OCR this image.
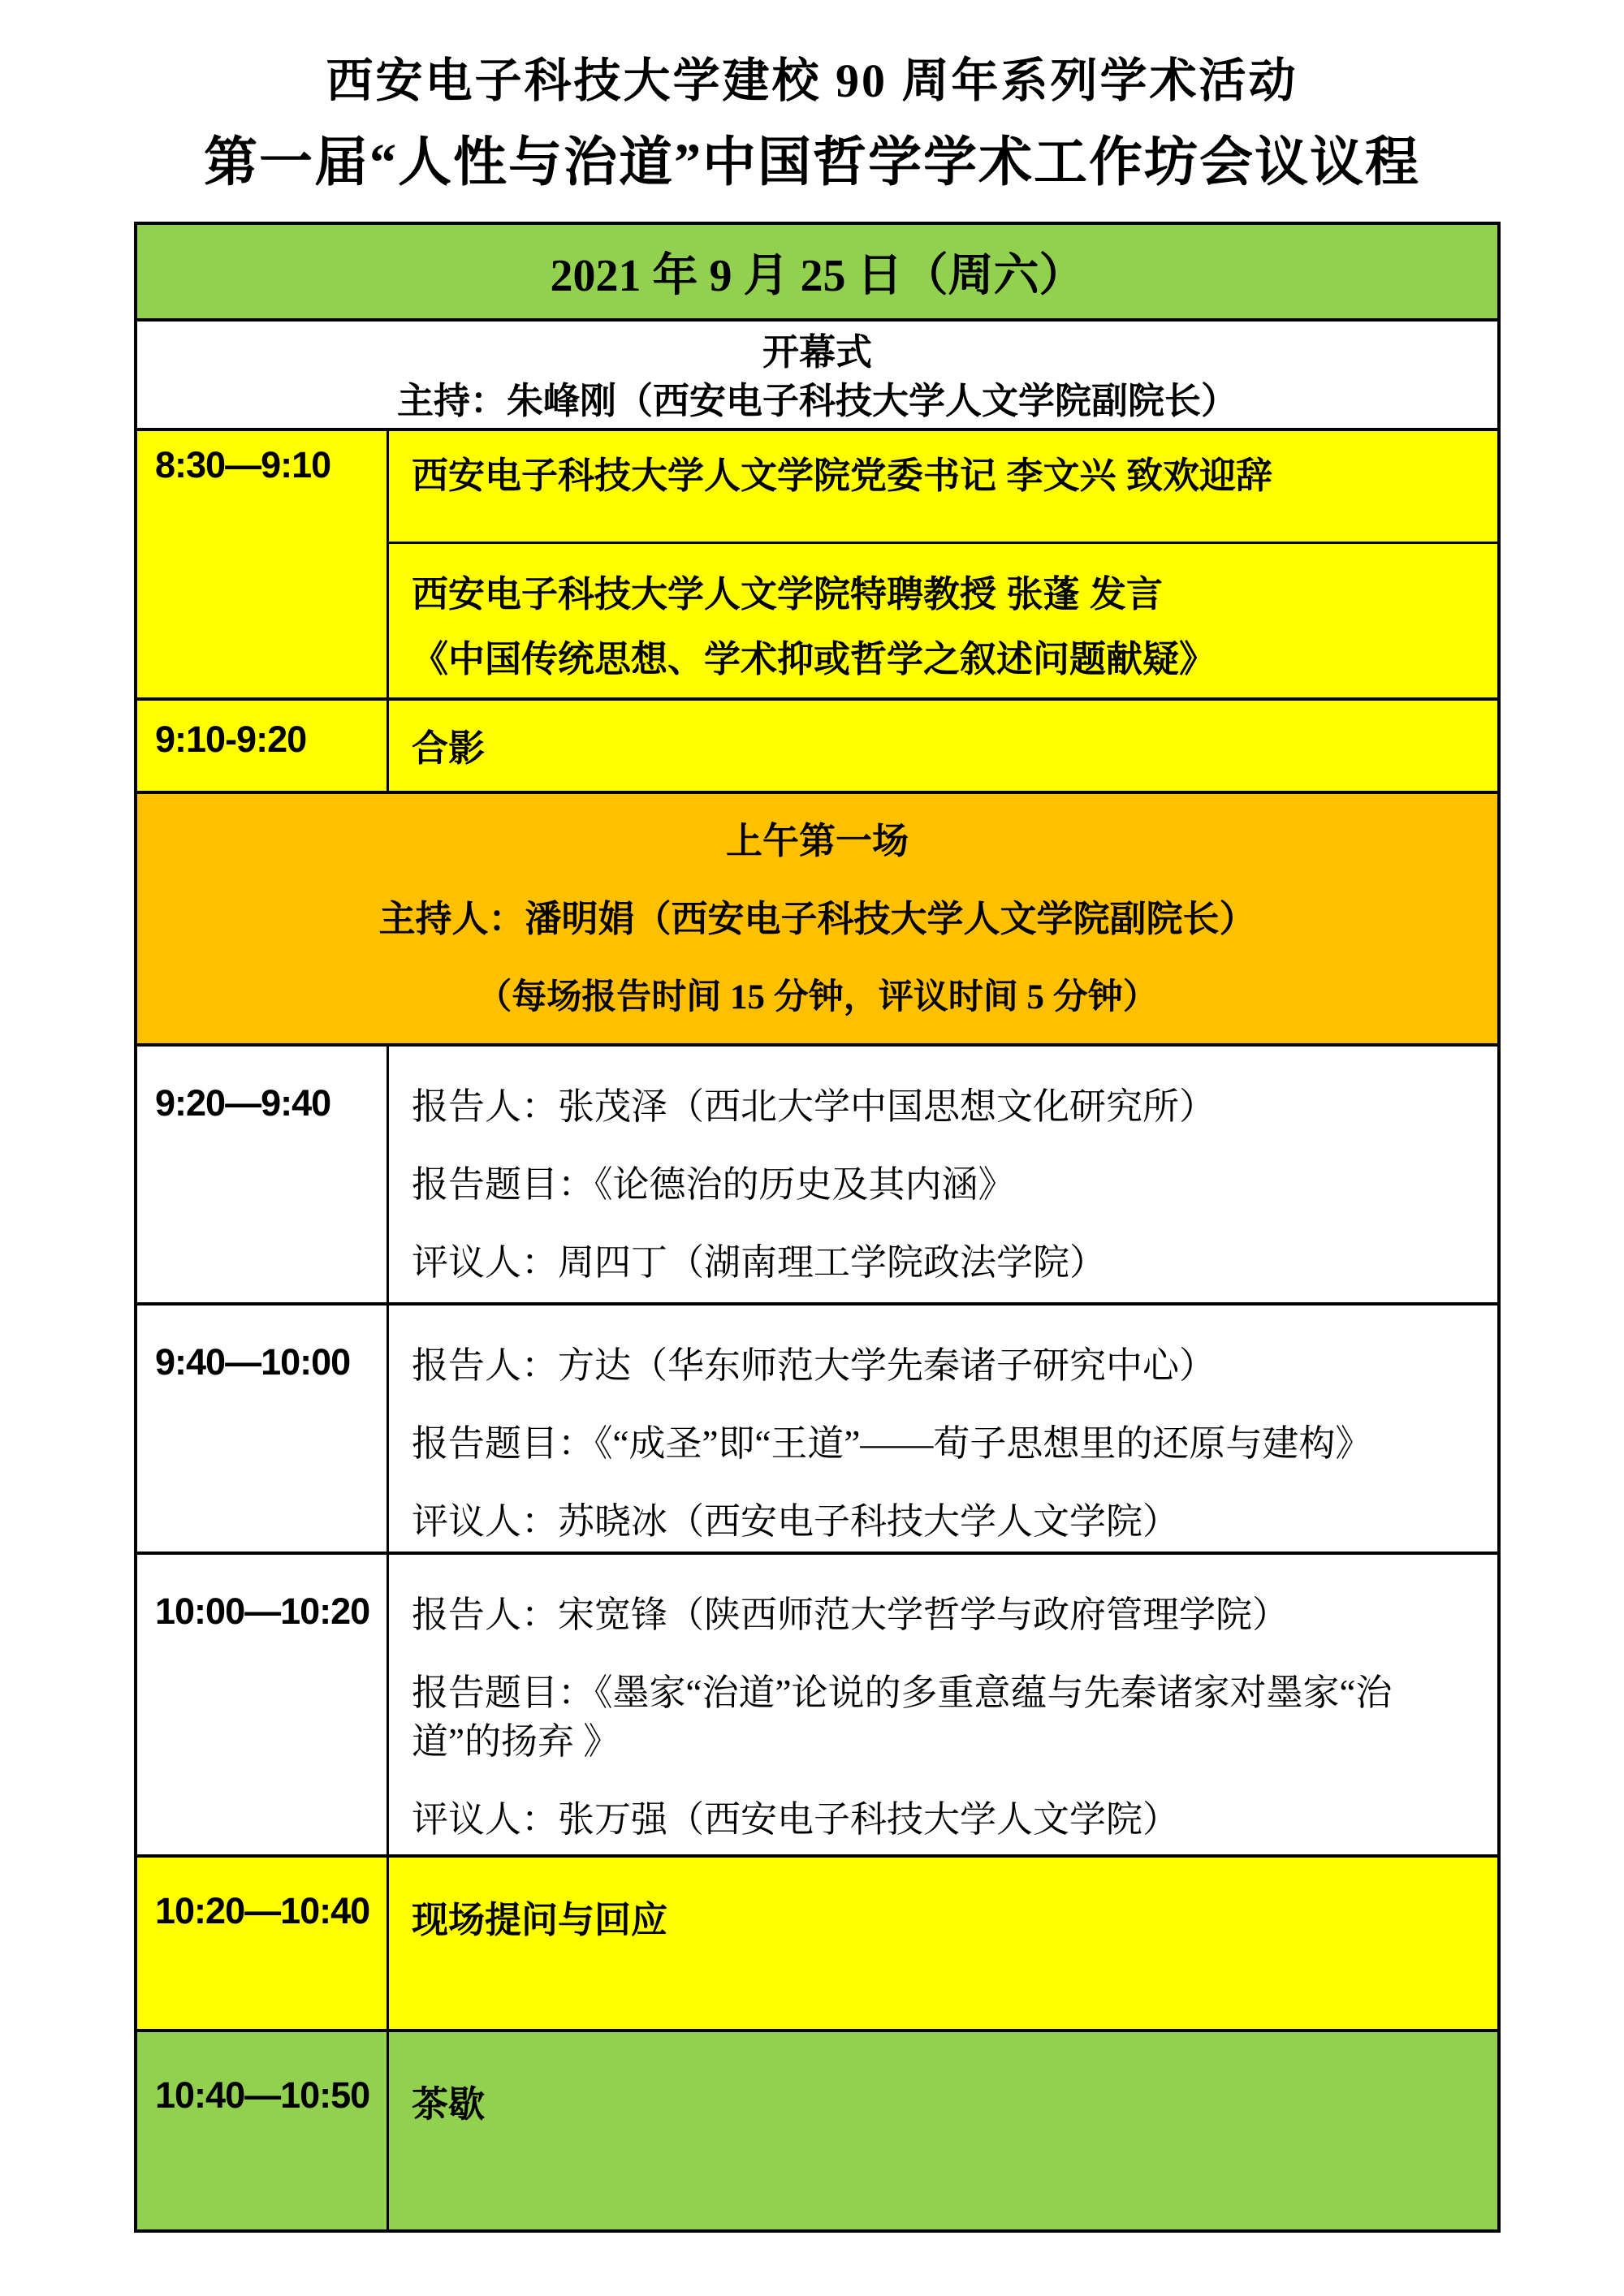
西安电子科技大学建校 90 周年系列学术活动
第一届“人性与治道”中国哲学学术工作坊会议议程
2021 年 9 月 25 日（周六）
开幕式
主持：朱峰刚（西安电子科技大学人文学院副院长）
8:30—9:10	西安电子科技大学人文学院党委书记 李文兴 致欢迎辞
西安电子科技大学人文学院特聘教授 张蓬 发言
《中国传统思想、学术抑或哲学之叙述问题献疑》
9:10-9:20	合影
上午第一场
主持人：潘明娟（西安电子科技大学人文学院副院长）
（每场报告时间 15 分钟，评议时间 5 分钟）
9:20—9:40	报告人：张茂泽（西北大学中国思想文化研究所）
报告题目：《论德治的历史及其内涵》
评议人：周四丁（湖南理工学院政法学院）
9:40—10:00	报告人：方达（华东师范大学先秦诸子研究中心）
报告题目：《“成圣”即“王道”——荀子思想里的还原与建构》
评议人：苏晓冰（西安电子科技大学人文学院）
10:00—10:20	报告人：宋宽锋（陕西师范大学哲学与政府管理学院）
报告题目：《墨家“治道”论说的多重意蕴与先秦诸家对墨家“治道”的扬弃 》
评议人：张万强（西安电子科技大学人文学院）
10:20—10:40	现场提问与回应
10:40—10:50	茶歇
